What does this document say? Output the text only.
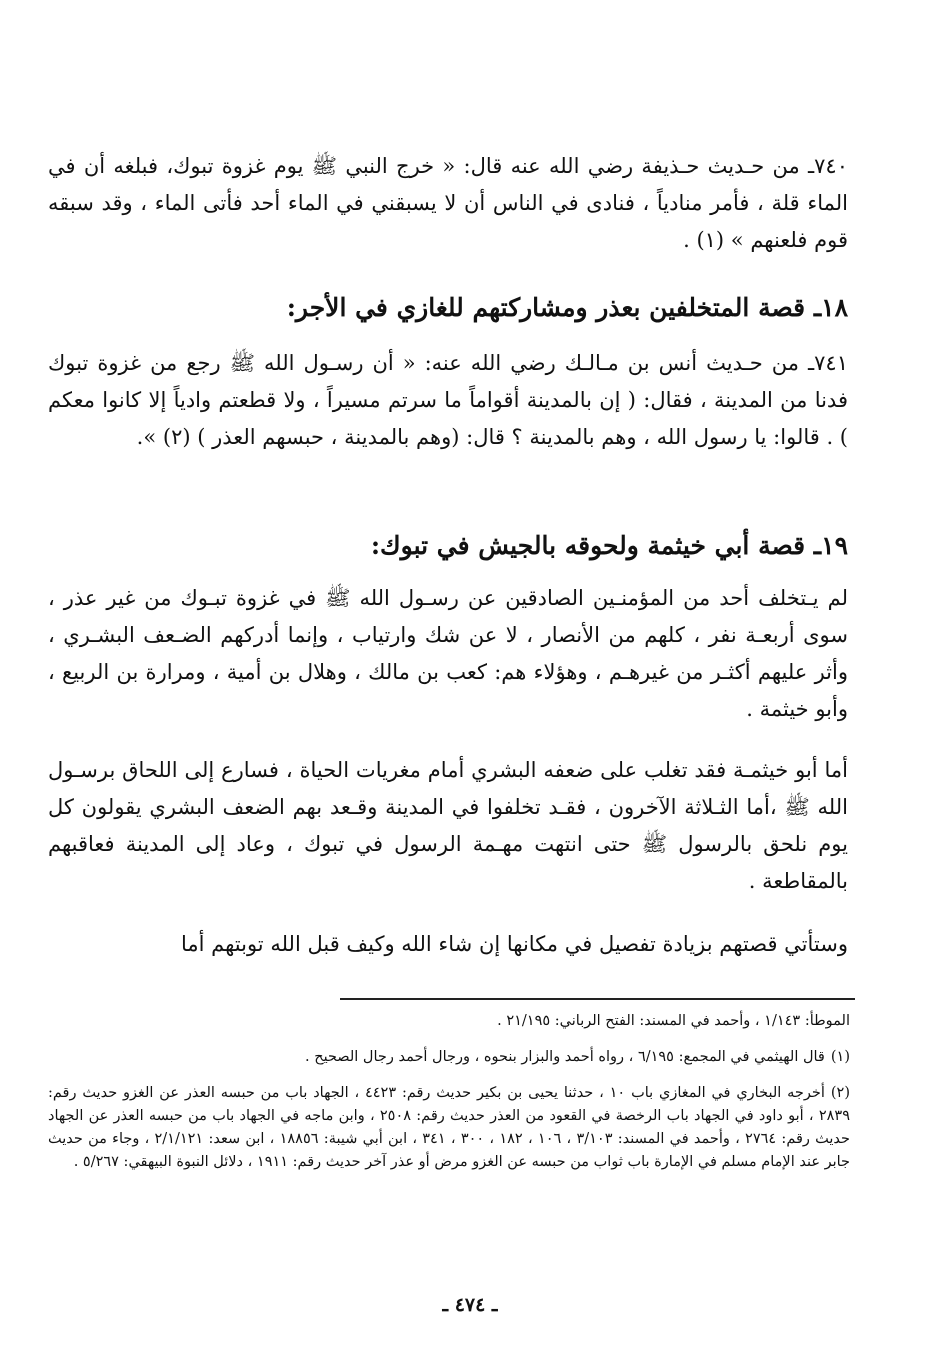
٧٤٠ـ من حـديث حـذيفة رضي الله عنه قال: « خرج النبي ﷺ يوم غزوة تبوك، فبلغه أن في الماء قلة ، فأمر منادياً ، فنادى في الناس أن لا يسبقني في الماء أحد فأتى الماء ، وقد سبقه قوم فلعنهم » (١) .

١٨ـ قصة المتخلفين بعذر ومشاركتهم للغازي في الأجر:

٧٤١ـ من حـديث أنس بن مـالـك رضي الله عنه: « أن رسـول الله ﷺ رجع من غزوة تبوك فدنا من المدينة ، فقال: ( إن بالمدينة أقواماً ما سرتم مسيراً ، ولا قطعتم وادياً إلا كانوا معكم ) . قالوا: يا رسول الله ، وهم بالمدينة ؟ قال: (وهم بالمدينة ، حبسهم العذر ) (٢) ».

١٩ـ قصة أبي خيثمة ولحوقه بالجيش في تبوك:

لم يـتخلف أحد من المؤمنـين الصادقين عن رسـول الله ﷺ في غزوة تبـوك من غير عذر ، سوى أربعـة نفر ، كلهم من الأنصار ، لا عن شك وارتياب ، وإنما أدركهم الضـعف البشـري ، وأثر عليهم أكثـر من غيرهـم ، وهؤلاء هم: كعب بن مالك ، وهلال بن أمية ، ومرارة بن الربيع ، وأبو خيثمة .

أما أبو خيثمـة فقد تغلب على ضعفه البشري أمام مغريات الحياة ، فسارع إلى اللحاق برسـول الله ﷺ ،أما الثـلاثة الآخرون ، فقـد تخلفوا في المدينة وقـعد بهم الضعف البشري يقولون كل يوم نلحق بالرسول ﷺ حتى انتهت مهـمة الرسول في تبوك ، وعاد إلى المدينة فعاقبهم بالمقاطعة .

وستأتي قصتهم بزيادة تفصيل في مكانها إن شاء الله وكيف قبل الله توبتهم أما

الموطأ: ١/١٤٣ ، وأحمد في المسند: الفتح الرباني: ٢١/١٩٥ .

(١)قال الهيثمي في المجمع: ٦/١٩٥ ، رواه أحمد والبزار بنحوه ، ورجال أحمد رجال الصحيح .

(٢)أخرجه البخاري في المغازي باب ١٠ ، حدثنا يحيى بن بكير حديث رقم: ٤٤٢٣ ، الجهاد باب من حبسه العذر عن الغزو حديث رقم: ٢٨٣٩ ، أبو داود في الجهاد باب الرخصة في القعود من العذر حديث رقم: ٢٥٠٨ ، وابن ماجه في الجهاد باب من حبسه العذر عن الجهاد حديث رقم: ٢٧٦٤ ، وأحمد في المسند: ٣/١٠٣ ، ١٠٦ ، ١٨٢ ، ٣٠٠ ، ٣٤١ ، ابن أبي شيبة: ١٨٨٥٦ ، ابن سعد: ٢/١/١٢١ ، وجاء من حديث جابر عند الإمام مسلم في الإمارة باب ثواب من حبسه عن الغزو مرض أو عذر آخر حديث رقم: ١٩١١ ، دلائل النبوة البيهقي: ٥/٢٦٧ .

ـ ٤٧٤ ـ
